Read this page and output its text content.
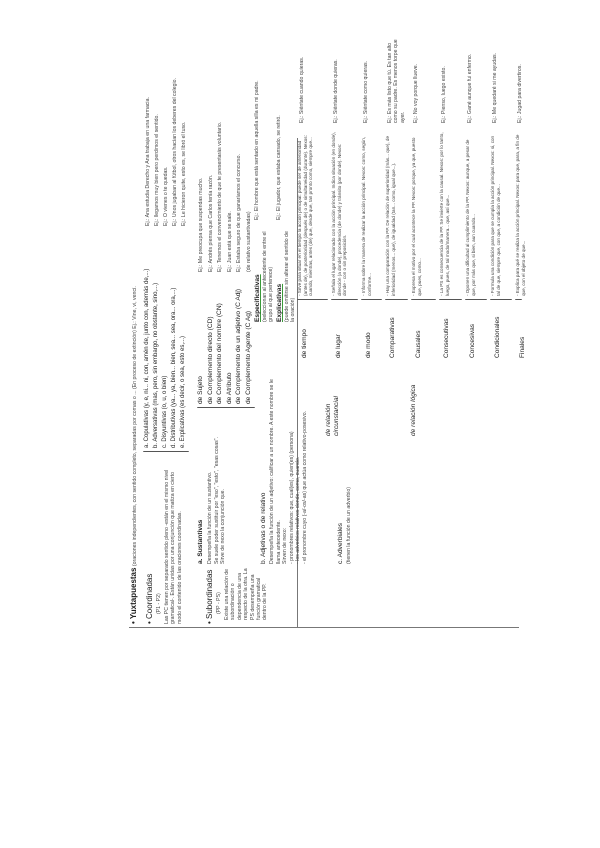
• Yuxtapuestas (oraciones independientes, con sentido completo, separadas por comas o ... (En proceso de extinción) Ej.: Vine, vi, vencí.
• Coordinadas (P1 - P2) Las PC tienen por separado sentido pleno -están en el mismo nivel gramatical-. Están unidas por una conjunción que matiza en cierto modo el contenido de las oraciones coordinadas.	• Subordinadas (PP - PS) Existe una relación de subordinación o dependencia de una respecto de la otra. La PS desempeña una función gramatical dentro de la PP.
a. Sustantivas	b. Adjetivas o de relativo	c. Adverbiales (tienen la función de un adverbio)
de relación circunstancial	de relación lógica
a. Copulativas (y, e, ni... ni, con, amén de, junto con, además de,...)
Ej.: Ana estudia Derecho y Ana trabaja en una farmacia.
b. Adversativas (mas, pero, sin embargo, no obstante, sino,...)
Ej.: llegamos muy bien pero perdimos el sentido.
c. Disyuntivas (o, u, o bien)
Ej.: O vienes o te quedas.
d. Distributivas (ya... ya, bien... bien, sea... sea, ora... ora,...)
Ej.: Unos jugaban al fútbol, otros hacían los deberes del colegio.
e. Explicativas (es decir, o sea, esto es,...)
Ej.: Le hicieron quite, esto es, se libró el tuso.
Desempeña la función de un sustantivo. Se suele poder sustituir por "eso", "esto", "esas cosas". Sirve de nexo la conjunción que.
de Sujeto
Ej.: Me preocupa que suspendas mucho.
de Complemento directo (CD)
Ej.: Andrés piensa que Carlos tenía razón.
de Complemento del nombre (CN)
Ej.: Tenemos el convencimiento de que te presentarás voluntario.
de Atributo
Ej.: Juan está que se sale.
de Complemento de un adjetivo (C Adj)
Ej.: Estaba seguro de que ganaríamos el concurso.
de Complemento Agente (C Ag)
(de relativo sustantivadas)
Desempeña la función de un adjetivo: calificar a un nombre. A este nombre se le llama antecedente. Sirven de nexo: - pronombres relativos: que, cual(es), quien(es) (persona) - los adverbios relativos donde, como, cuando. - el pronombre cuyo (-a/-os/-as) que actúa como relativo-posesivo.
Especificativas (seleccionan al antecedente de entre el grupo al que pertenece)
Ej.: El hombre que está sentado en aquella silla es mi padre.
Explicativas (puede omitirse sin alterar el sentido de la oración)
Ej.: El jugador, que estaba cansado, se retiró.
de tiempo
- Sirve para situar en el tiempo la acción principal: puede ser de anterioridad (antes de), de posterioridad (después de) o de simultaneidad (durante). Nexos: cuando, mientras, antes (de) que, desde que, tan pronto como, siempre que...
Ej.: Siéntate cuando quieras.
de lugar
- Señala el lugar relacionado con la acción principal. Indica situación (en donde), dirección (a donde), procedencia (de donde) y tránsito (por donde). Nexos: donde - con o sin preposición.
Ej.: Siéntate donde quieras.
de modo
- Informa sobre la manera de realizar la acción principal. Nexos: como, según, conforme...
Ej.: Siéntate como quieras.
Comparativas
- Hay una comparación con la PP. De relación de superioridad (más... que), de inferioridad (menos... que), de igualdad (tan... como, igual que...).
Ej.: Es más listo que tú. Es tan alto como su padre. Es menos torpe que ayer.
Causales
- Expresa el motivo por el cual acontece la PP. Nexos: porque, ya que, puesto que, pues, como...
Ej.: No voy porque llueve.
Consecutivas
- La PS es consecuencia de la PP. Se invierte con la causal. Nexos: por lo tanto, luego, pues, de tal modo/manera... que, así que...
Ej.: Pienso, luego existo.
Concesivas
- Oponen una dificultad al cumplimiento de la PP. Nexos: aunque, a pesar de que, por más que, si bien, aun cuando...
Ej.: Gané aunque fui enfermo.
Condicionales
- Formula una condición para que se cumpla la acción principal. Nexos: si, con tal de que, siempre que, con que, a condición de que...
Ej.: Me quedaré si me ayudas.
Finales
- Explica para qué se realiza la acción principal. Nexos: para que, para, a fin de que, con el objeto de que...
Ej.: Jugad para divertiros.
